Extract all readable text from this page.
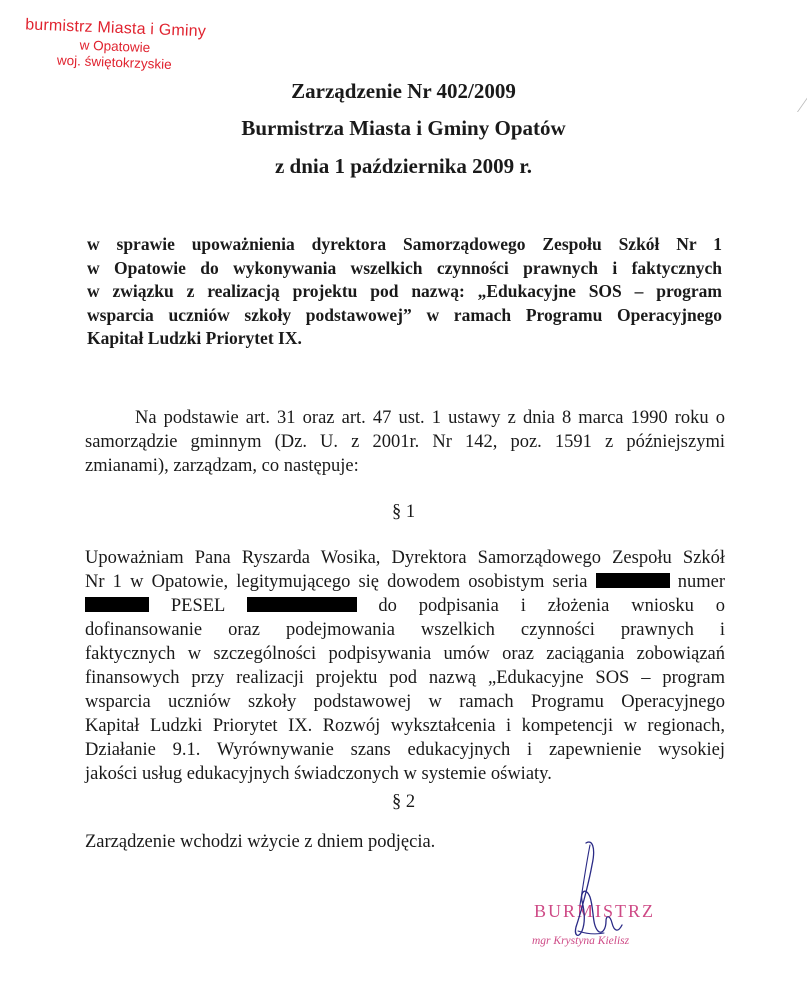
burmistrz Miasta i Gminy
w Opatowie
woj. świętokrzyskie
Zarządzenie Nr 402/2009
Burmistrza Miasta i Gminy Opatów
z dnia 1 października 2009 r.
w sprawie upoważnienia dyrektora Samorządowego Zespołu Szkół Nr 1
w Opatowie do wykonywania wszelkich czynności prawnych i faktycznych
w związku z realizacją projektu pod nazwą: „Edukacyjne SOS – program
wsparcia uczniów szkoły podstawowej” w ramach Programu Operacyjnego
Kapitał Ludzki Priorytet IX.
Na podstawie art. 31 oraz art. 47 ust. 1 ustawy z dnia 8 marca 1990 roku o
samorządzie gminnym (Dz. U. z 2001r. Nr 142, poz. 1591 z późniejszymi
zmianami), zarządzam, co następuje:
§ 1
Upoważniam Pana Ryszarda Wosika, Dyrektora Samorządowego Zespołu Szkół
Nr 1 w Opatowie, legitymującego się dowodem osobistym seria	numer
PESEL	do podpisania i złożenia wniosku o
dofinansowanie oraz podejmowania wszelkich czynności prawnych i
faktycznych w szczególności podpisywania umów oraz zaciągania zobowiązań
finansowych przy realizacji projektu pod nazwą „Edukacyjne SOS – program
wsparcia uczniów szkoły podstawowej w ramach Programu Operacyjnego
Kapitał Ludzki Priorytet IX. Rozwój wykształcenia i kompetencji w regionach,
Działanie 9.1. Wyrównywanie szans edukacyjnych i zapewnienie wysokiej
jakości usług edukacyjnych świadczonych w systemie oświaty.
§ 2
Zarządzenie wchodzi wżycie z dniem podjęcia.
BURMISTRZ
mgr Krystyna Kielisz
